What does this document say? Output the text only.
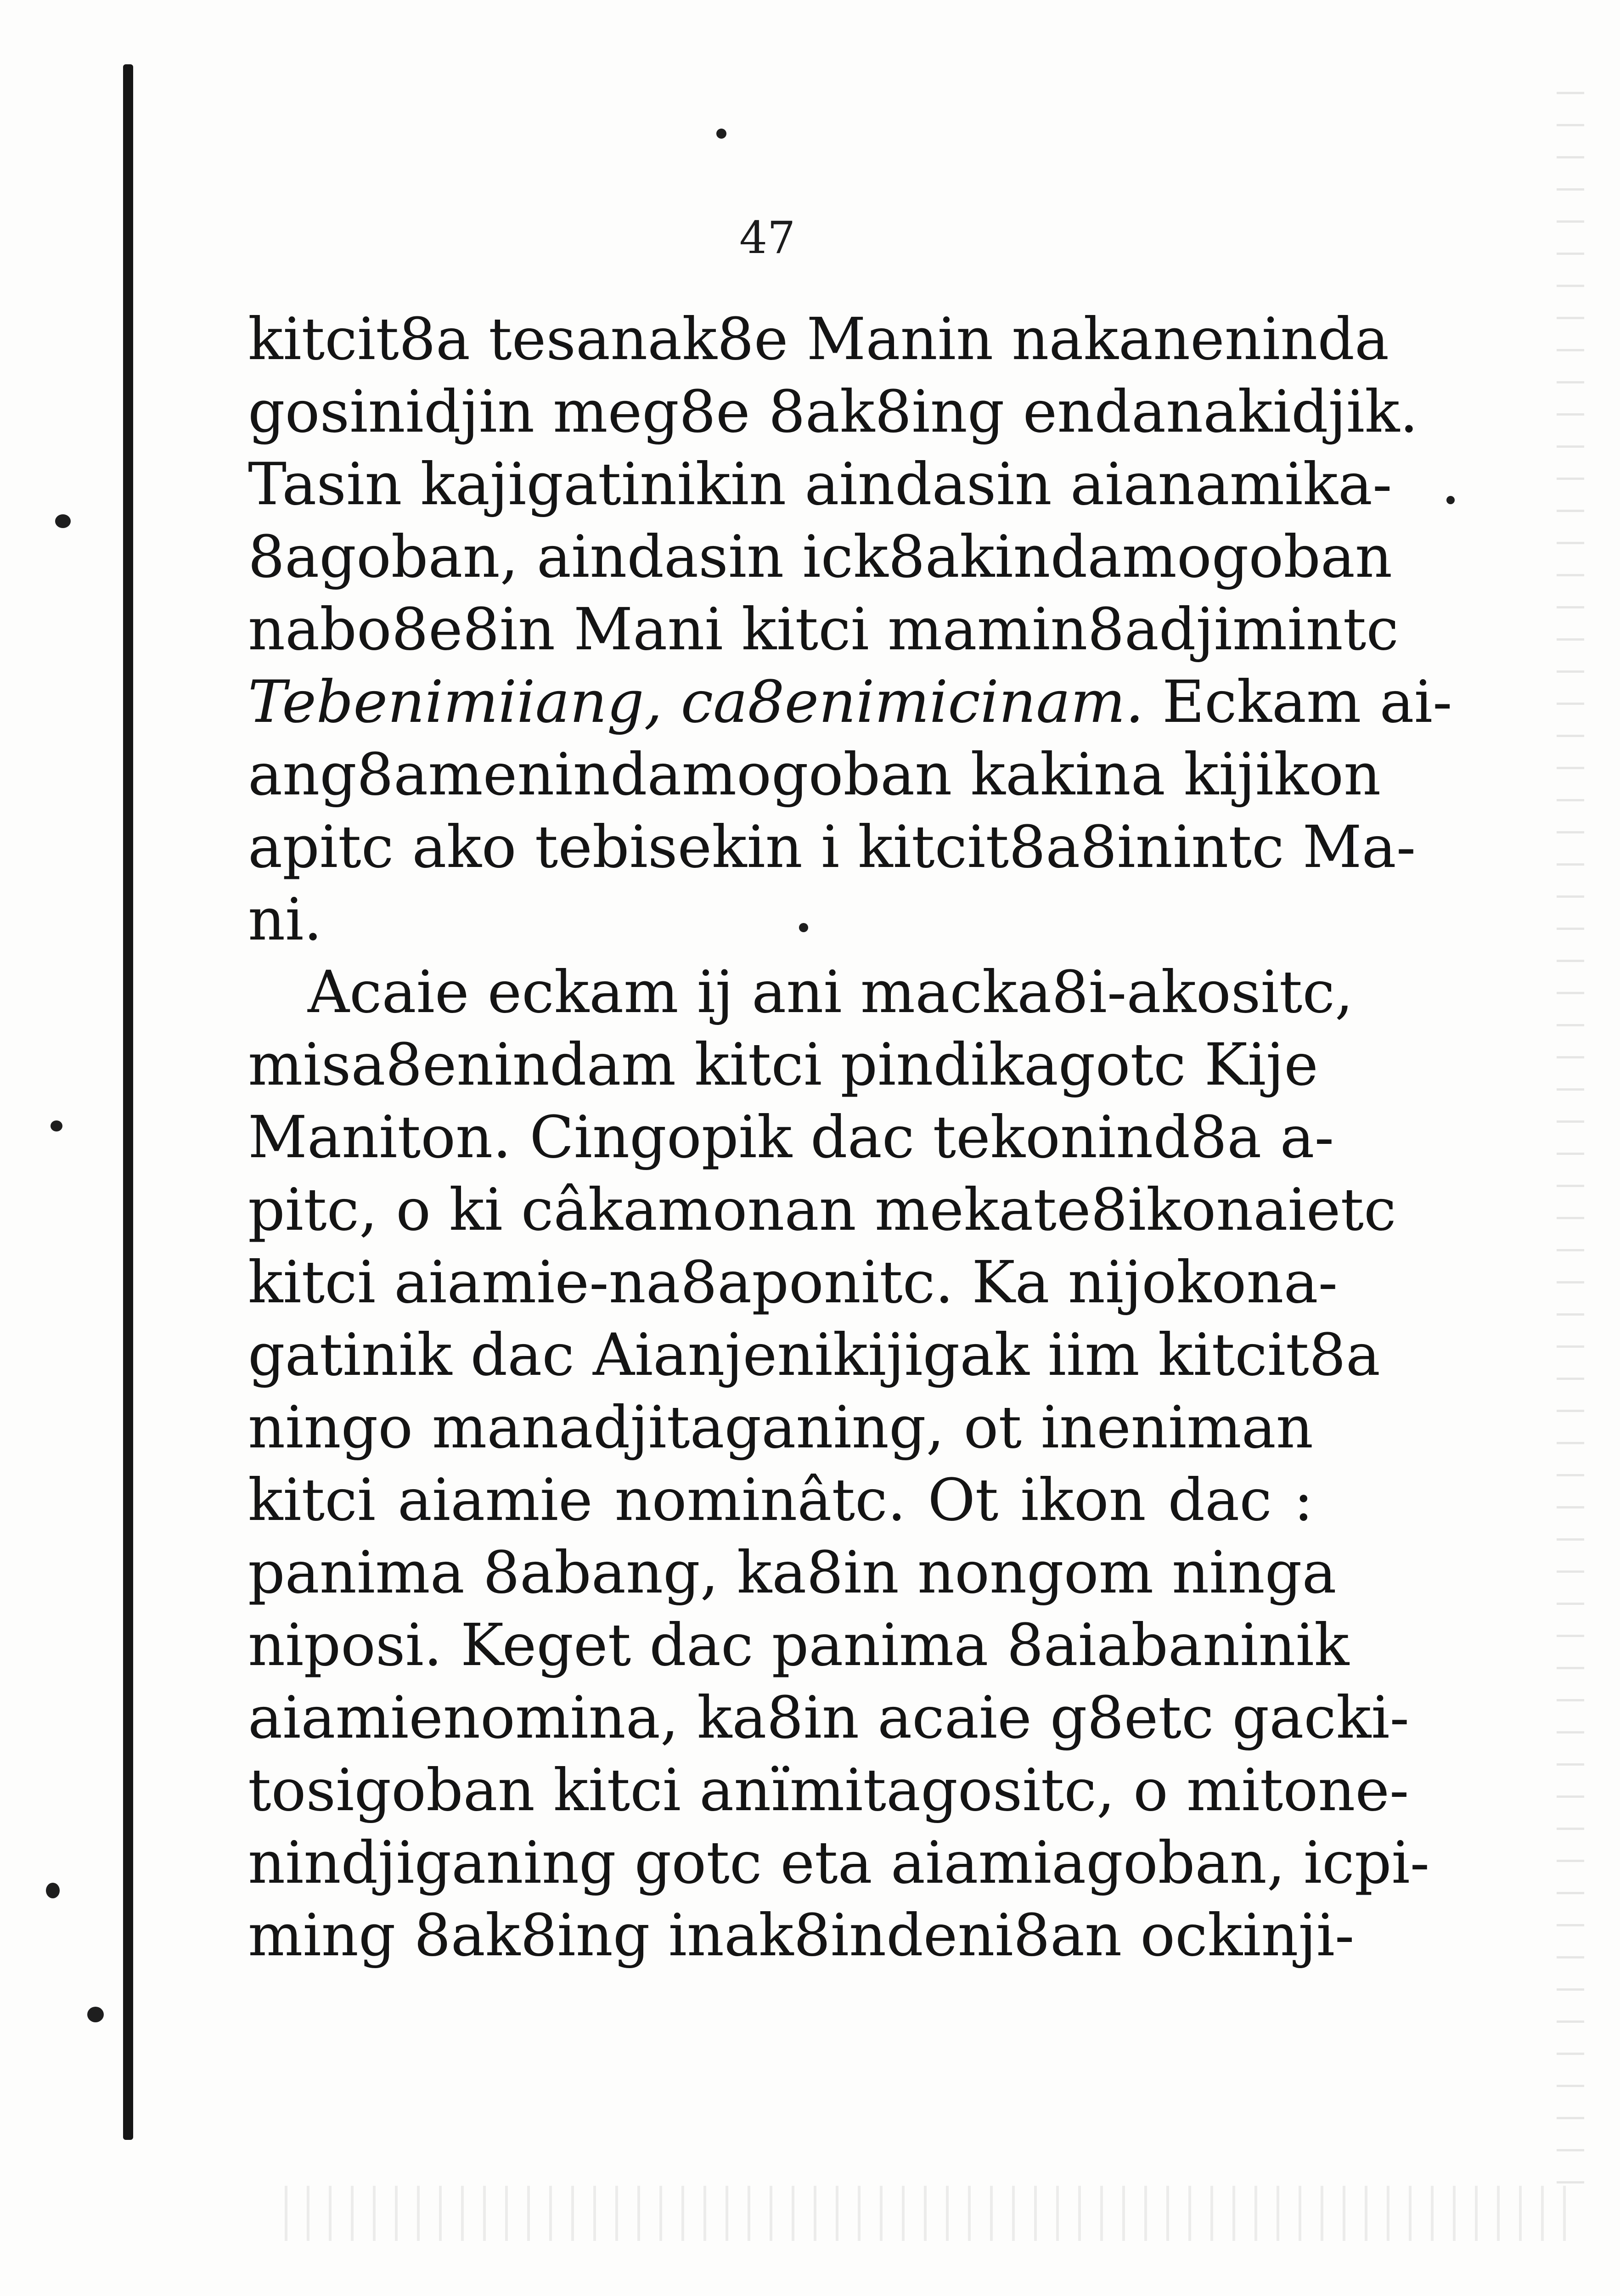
47
kitcit8a tesanak8e Manin nakanenindа
gosinidjin meg8e 8ak8ing endanakidjik.
Tasin kajigatinikin aindasin aianamika-
8agoban, aindasin ick8akindamogoban
nabo8e8in Mani kitci mamin8adjimintс
Tebenimiiang, ca8enimicinam. Eckam ai-
ang8amenindamogoban kakina kijikon
apitc ako tebisekin i kitcit8a8inintc Ma-
ni.
Acaie eckam ij ani macka8i-akositc,
misa8enindam kitci pindikagotc Kije
Maniton. Cingopik dac tekonind8a a-
pitc, o ki câkamonan mekate8ikonaietc
kitci aiamie-na8aponitc. Ka nijokona-
gatinik dac Aianjenikijigak iim kitcit8a
ningo manadjitaganing, ot ineniman
kitci aiamie nominâtc. Ot ikon dac :
panima 8abang, ka8in nongom ninga
niposi. Keget dac panima 8aiabaninik
aiamienomina, ka8in acaie g8etc gacki-
tosigoban kitci anïmitagositc, o mitone-
nindjiganing gotc eta aiamiagoban, icpi-
ming 8ak8ing inak8indeni8an ockinji-
